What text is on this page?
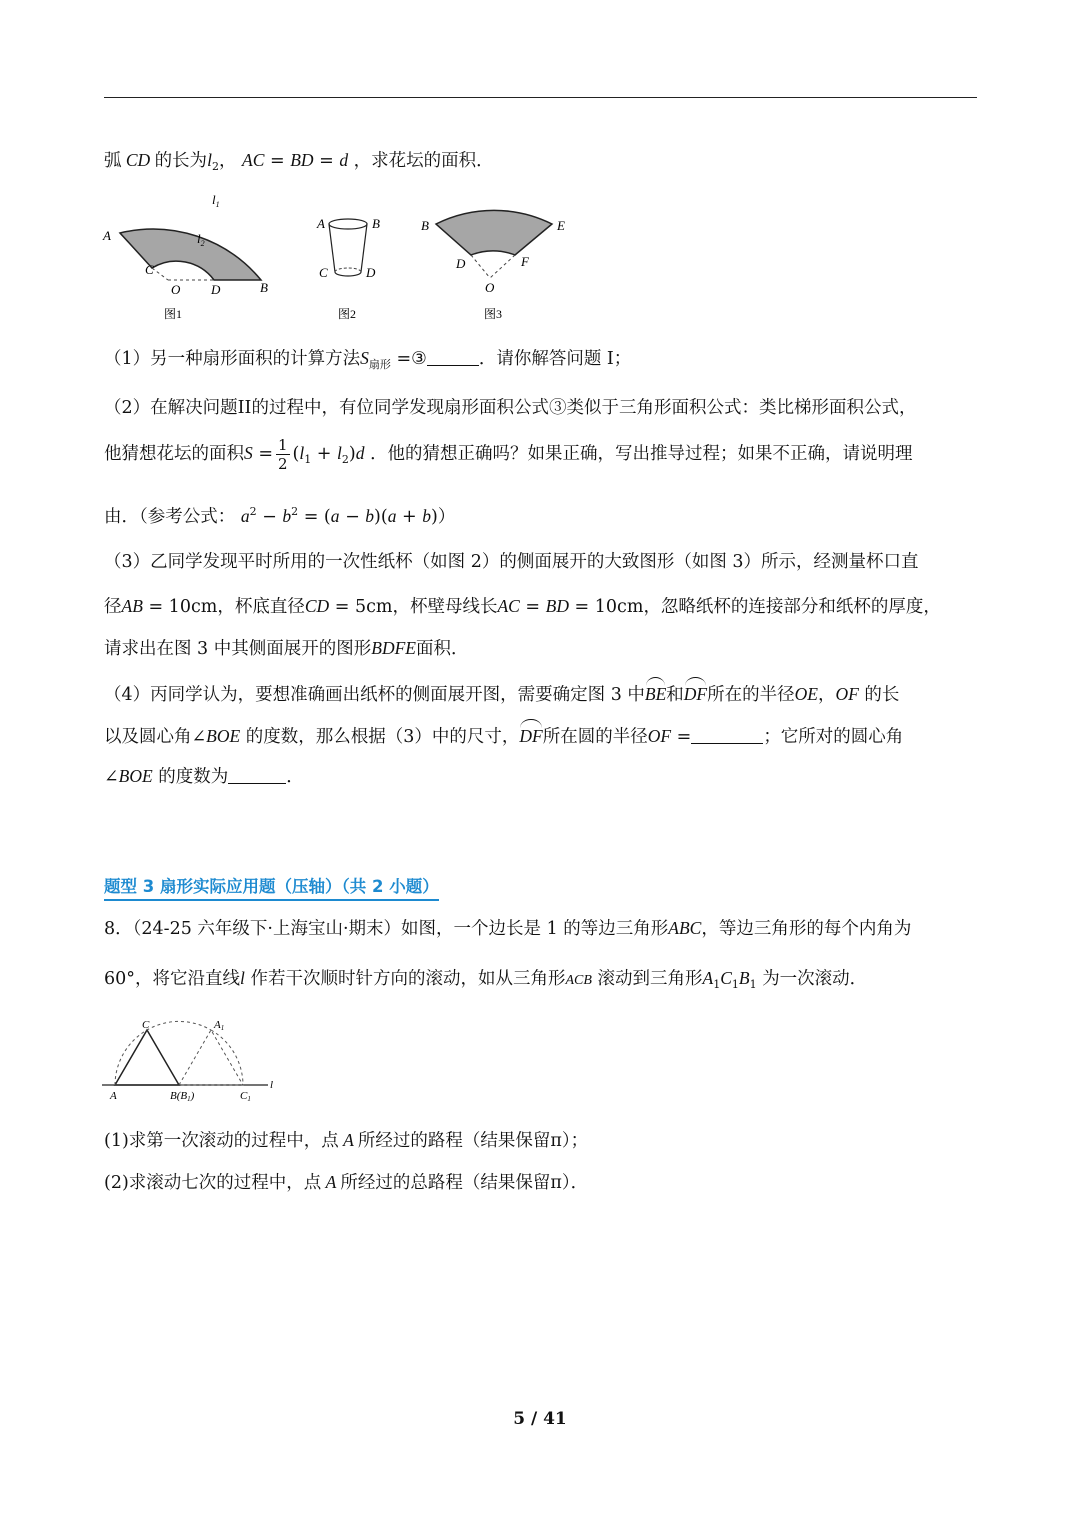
弧 CD 的长为$l_2$， AC = BD = d ，求花坛的面积．
A
$l_1$
$l_2$
C
O D	B
图1
A	B
C	D
图2
B	E
D	F
O
图3
（1）另一种扇形面积的计算方法$S_{扇形}$ =③	．请你解答问题 I；
（2）在解决问题II的过程中，有位同学发现扇形面积公式③类似于三角形面积公式：类比梯形面积公式，
他猜想花坛的面积$S = \frac{1}{2} (l_1 + l_2)d$ ．他的猜想正确吗？如果正确，写出推导过程；如果不正确，请说明理
由．（参考公式： $a^2 - b^2 = (a - b)(a + b)$）
（3）乙同学发现平时所用的一次性纸杯（如图 2）的侧面展开的大致图形（如图 3）所示，经测量杯口直
径AB = 10cm，杯底直径CD = 5cm，杯壁母线长AC = BD = 10cm，忽略纸杯的连接部分和纸杯的厚度，
请求出在图 3 中其侧面展开的图形BDFE面积．
（4）丙同学认为，要想准确画出纸杯的侧面展开图，需要确定图 3 中BE和DF所在的半径OE，OF 的长
以及圆心角∠BOE 的度数，那么根据（3）中的尺寸，DF所在圆的半径OF =	；它所对的圆心角
∠BOE 的度数为	．
题型 3 扇形实际应用题（压轴）（共 2 小题）
8．（24-25 六年级下·上海宝山·期末）如图，一个边长是 1 的等边三角形ABC，等边三角形的每个内角为
60°，将它沿直线l 作若干次顺时针方向的滚动，如从三角形ACB 滚动到三角形$A_1C_1B_1$ 为一次滚动．
C	A1
A	B(B1)	C1
l
(1)求第一次滚动的过程中，点 A 所经过的路程（结果保留π）；
(2)求滚动七次的过程中，点 A 所经过的总路程（结果保留π）．
5 / 41
